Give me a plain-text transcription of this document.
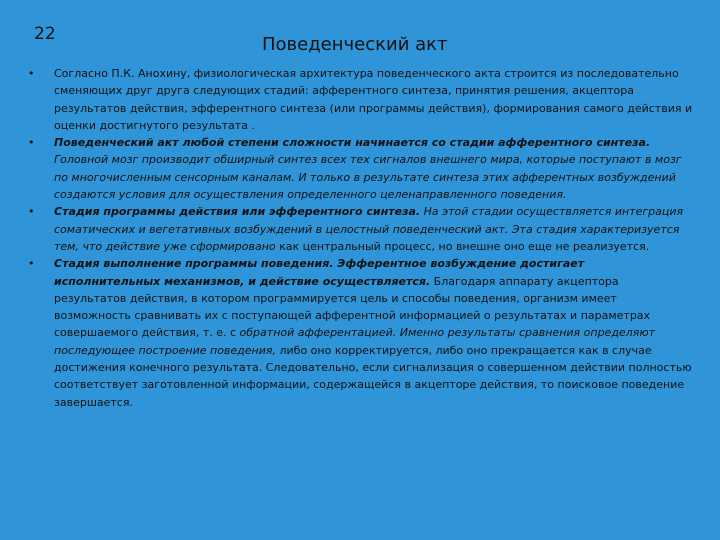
22	Поведенческий акт
•	Согласно П.К. Анохину, физиологическая архитектура поведенческого акта строится из последовательно сменяющих друг друга следующих стадий: афферентного синтеза, принятия решения, акцептора результатов действия, эфферентного синтеза (или программы действия), формирования самого действия и оценки достигнутого результата .
•	Поведенческий акт любой степени сложности начинается со стадии афферентного синтеза. Головной мозг производит обширный синтез всех тех сигналов внешнего мира, которые поступают в мозг по многочисленным сенсорным каналам. И только в результате синтеза этих афферентных возбуждений создаются условия для осуществления определенного целенаправленного поведения.
•	Стадия программы действия или эфферентного синтеза. На этой стадии осуществляется интеграция соматических и вегетативных возбуждений в целостный поведенческий акт. Эта стадия характеризуется тем, что действие уже сформировано как центральный процесс, но внешне оно еще не реализуется.
•	Стадия выполнение программы поведения. Эфферентное возбуждение достигает исполнительных механизмов, и действие осуществляется. Благодаря аппарату акцептора результатов действия, в котором программируется цель и способы поведения, организм имеет возможность сравнивать их с поступающей афферентной информацией о результатах и параметрах совершаемого действия, т. е. с обратной афферентацией. Именно результаты сравнения определяют последующее построение поведения, либо оно корректируется, либо оно прекращается как в случае достижения конечного результата. Следовательно, если сигнализация о совершенном действии полностью соответствует заготовленной информации, содержащейся в акцепторе действия, то поисковое поведение завершается.
